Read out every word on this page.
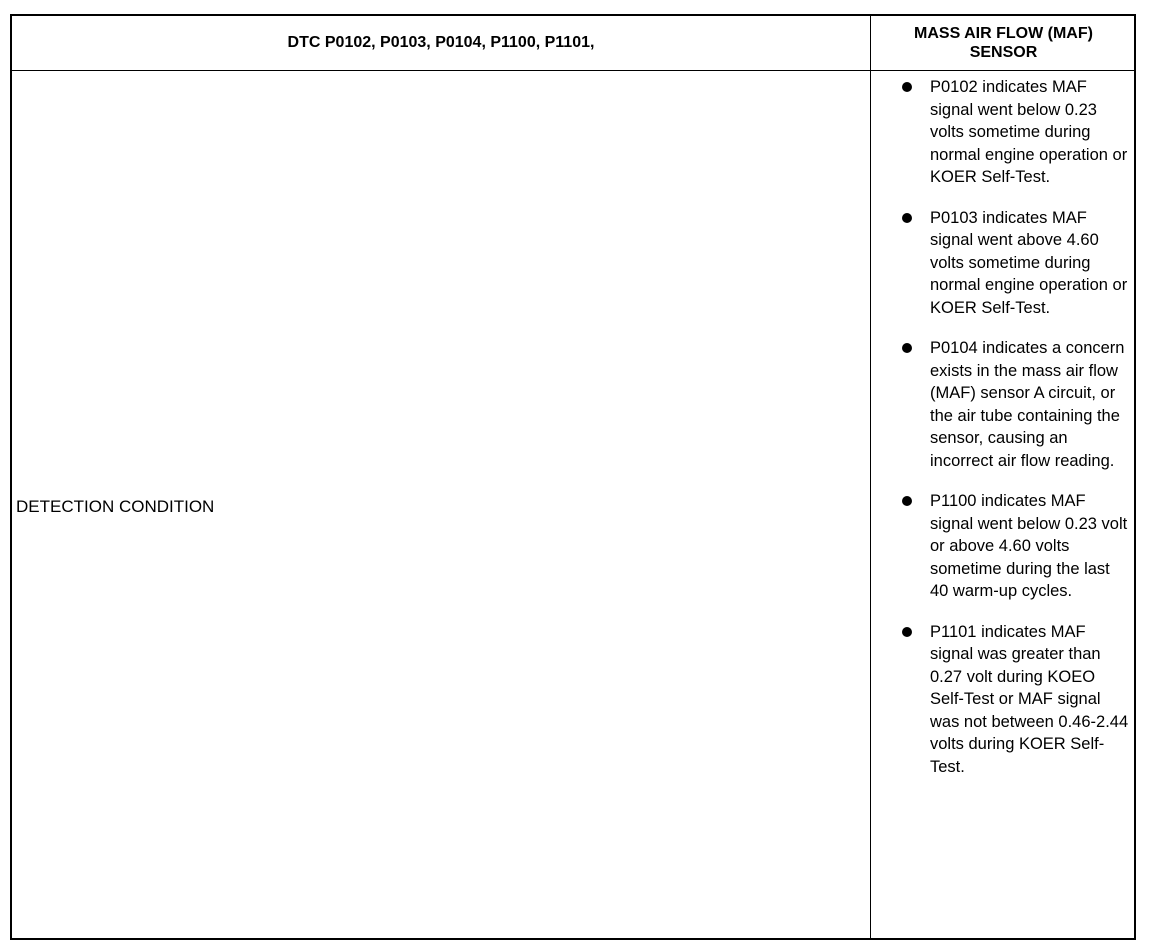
DTC P0102, P0103, P0104, P1100, P1101,
MASS AIR FLOW (MAF) SENSOR
DETECTION CONDITION
P0102 indicates MAF signal went below 0.23 volts sometime during normal engine operation or KOER Self-Test.
P0103 indicates MAF signal went above 4.60 volts sometime during normal engine operation or KOER Self-Test.
P0104 indicates a concern exists in the mass air flow (MAF) sensor A circuit, or the air tube containing the sensor, causing an incorrect air flow reading.
P1100 indicates MAF signal went below 0.23 volt or above 4.60 volts sometime during the last 40 warm-up cycles.
P1101 indicates MAF signal was greater than 0.27 volt during KOEO Self-Test or MAF signal was not between 0.46-2.44 volts during KOER Self-Test.
